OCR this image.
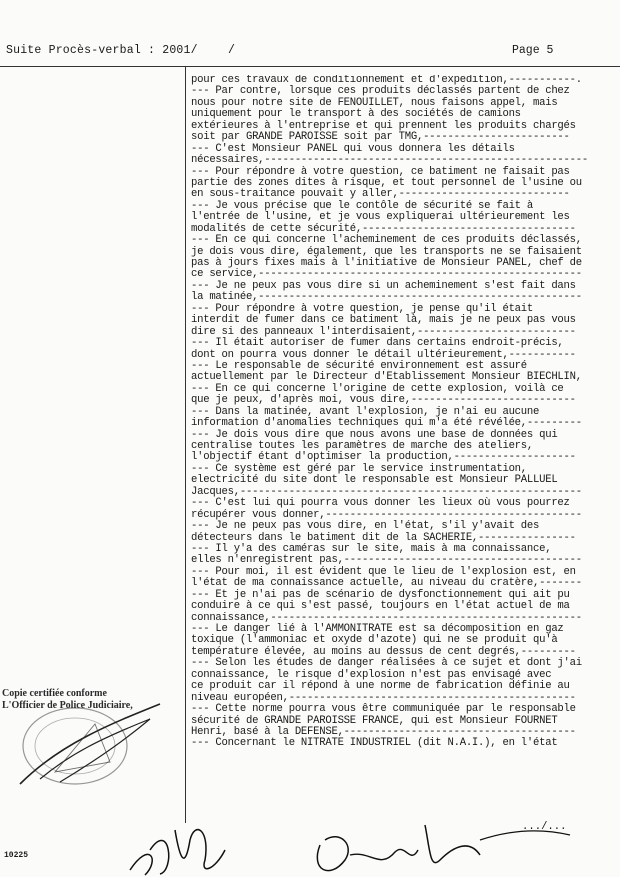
Suite Procès-verbal : 2001/	/	Page 5
pour ces travaux de conditionnement et d'expedition,-----------.
--- Par contre, lorsque ces produits déclassés partent de chez
nous pour notre site de FENOUILLET, nous faisons appel, mais
uniquement pour le transport à des sociétés de camions
extérieures à l'entreprise et qui prennent les produits chargés
soit par GRANDE PAROISSE soit par TMG,------------------------
--- C'est Monsieur PANEL qui vous donnera les détails
nécessaires,-----------------------------------------------------
--- Pour répondre à votre question, ce batiment ne faisait pas
partie des zones dites à risque, et tout personnel de l'usine ou
en sous-traitance pouvait y aller,----------------------------
--- Je vous précise que le contôle de sécurité se fait à
l'entrée de l'usine, et je vous expliquerai ultérieurement les
modalités de cette sécurité,-----------------------------------
--- En ce qui concerne l'acheminement de ces produits déclassés,
je dois vous dire, également, que les transports ne se faisaient
pas à jours fixes mais à l'initiative de Monsieur PANEL, chef de
ce service,-----------------------------------------------------
--- Je ne peux pas vous dire si un acheminement s'est fait dans
la matinée,-----------------------------------------------------
--- Pour répondre à votre question, je pense qu'il était
interdit de fumer dans ce batiment là, mais je ne peux pas vous
dire si des panneaux l'interdisaient,--------------------------
--- Il était autoriser de fumer dans certains endroit-précis,
dont on pourra vous donner le détail ultérieurement,-----------
--- Le responsable de sécurité environnement est assuré
actuellement par le Directeur d'Etablissement Monsieur BIECHLIN,
--- En ce qui concerne l'origine de cette explosion, voilà ce
que je peux, d'après moi, vous dire,---------------------------
--- Dans la matinée, avant l'explosion, je n'ai eu aucune
information d'anomalies techniques qui m'a été révélée,---------
--- Je dois vous dire que nous avons une base de données qui
centralise toutes les paramètres de marche des ateliers,
l'objectif étant d'optimiser la production,--------------------
--- Ce système est géré par le service instrumentation,
electricité du site dont le responsable est Monsieur PALLUEL
Jacques,--------------------------------------------------------
--- C'est lui qui pourra vous donner les lieux où vous pourrez
récupérer vous donner,------------------------------------------
--- Je ne peux pas vous dire, en l'état, s'il y'avait des
détecteurs dans le batiment dit de la SACHERIE,----------------
--- Il y'a des caméras sur le site, mais à ma connaissance,
elles n'enregistrent pas,---------------------------------------
--- Pour moi, il est évident que le lieu de l'explosion est, en
l'état de ma connaissance actuelle, au niveau du cratère,-------
--- Et je n'ai pas de scénario de dysfonctionnement qui ait pu
conduire à ce qui s'est passé, toujours en l'état actuel de ma
connaissance,---------------------------------------------------
--- Le danger lié à l'AMMONITRATE est sa décomposition en gaz
toxique (l'ammoniac et oxyde d'azote) qui ne se produit qu'à
température élevée, au moins au dessus de cent degrés,---------
--- Selon les études de danger réalisées à ce sujet et dont j'ai
connaissance, le risque d'explosion n'est pas envisagé avec
ce produit car il répond à une norme de fabrication définie au
niveau européen,-----------------------------------------------
--- Cette norme pourra vous être communiquée par le responsable
sécurité de GRANDE PAROISSE FRANCE, qui est Monsieur FOURNET
Henri, basé à la DEFENSE,--------------------------------------
--- Concernant le NITRATE INDUSTRIEL (dit N.A.I.), en l'état
.../...
Copie certifiée conforme
L'Officier de Police Judiciaire,
10225
